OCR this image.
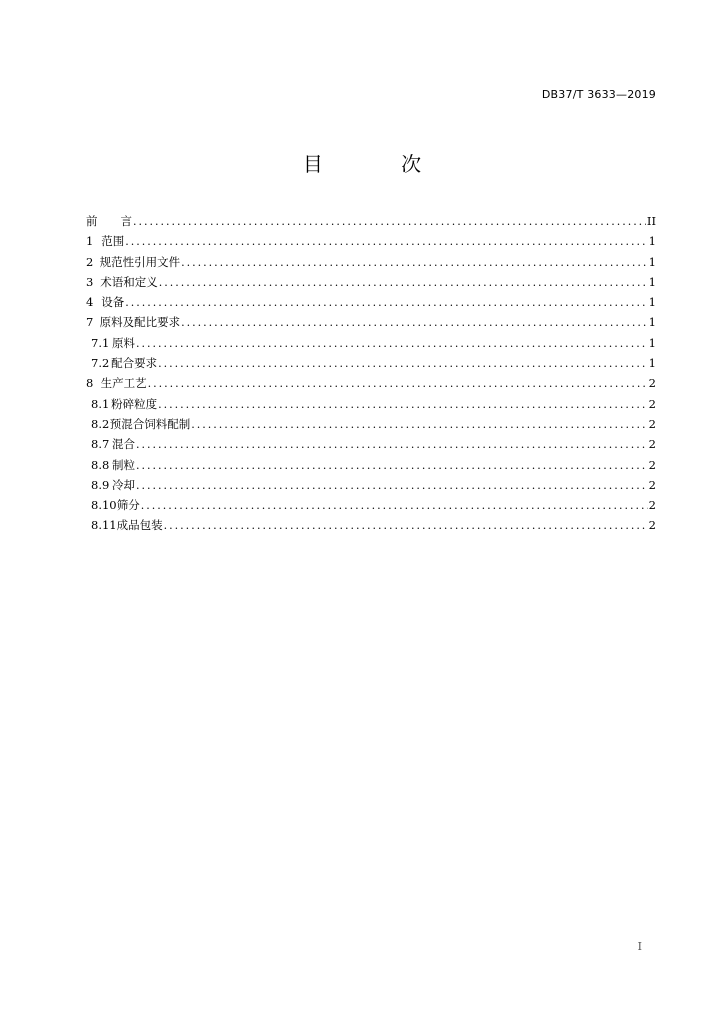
DB37/T 3633—2019
目 次
前　　言 .....	II
1 范围 .....	1
2 规范性引用文件 .....	1
3 术语和定义 .....	1
4 设备 .....	1
7 原料及配比要求 .....	1
7.1 原料 .....	1
7.2 配合要求 .....	1
8 生产工艺 .....	2
8.1 粉碎粒度 .....	2
8.2 预混合饲料配制 .....	2
8.7 混合 .....	2
8.8 制粒 .....	2
8.9 冷却 .....	2
8.10 筛分 .....	2
8.11 成品包装 .....	2
I
